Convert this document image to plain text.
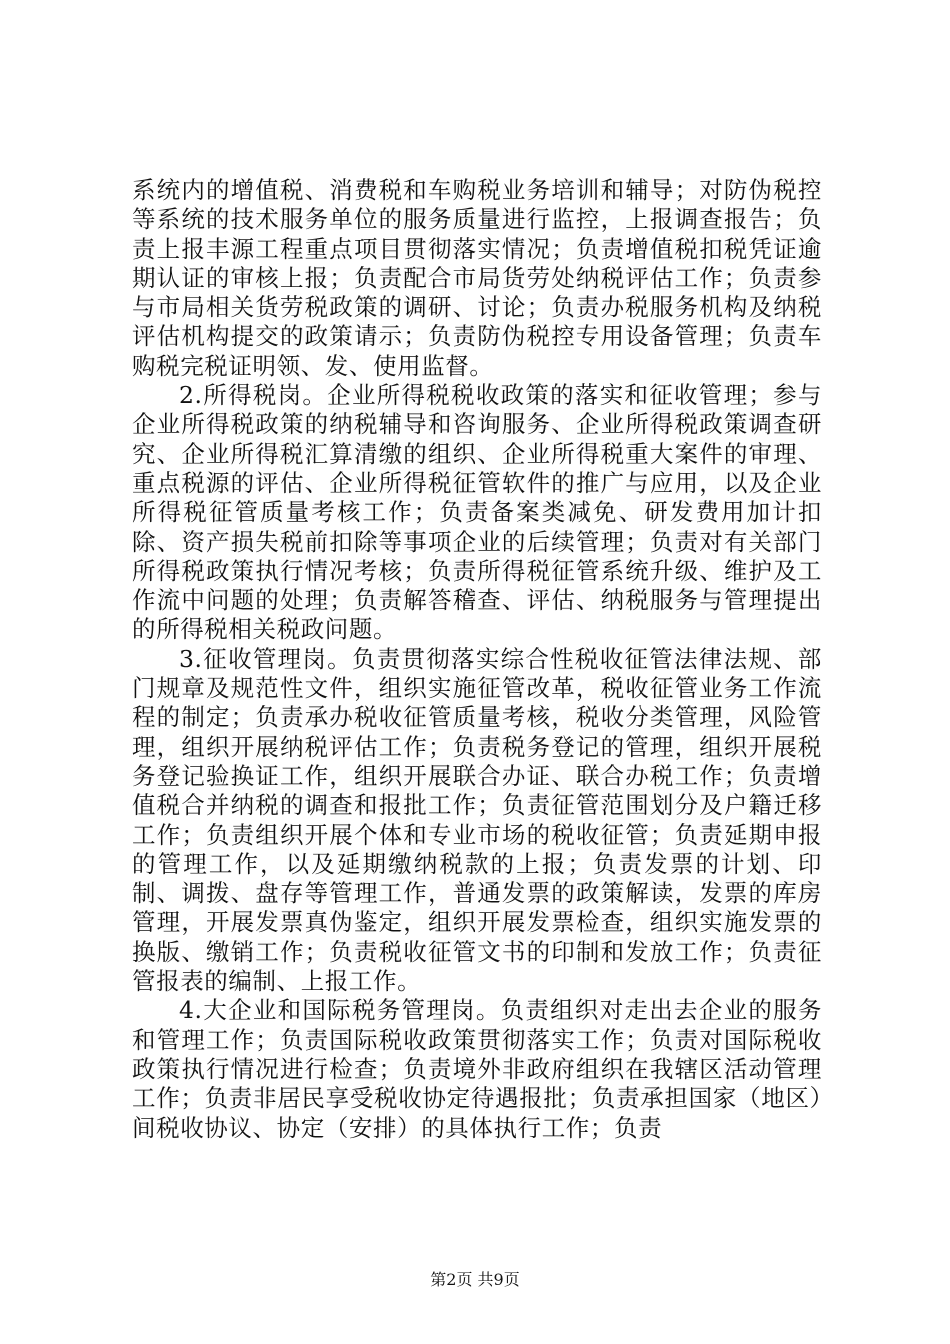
系统内的增值税、消费税和车购税业务培训和辅导；对防伪税控等系统的技术服务单位的服务质量进行监控，上报调查报告；负责上报丰源工程重点项目贯彻落实情况；负责增值税扣税凭证逾期认证的审核上报；负责配合市局货劳处纳税评估工作；负责参与市局相关货劳税政策的调研、讨论；负责办税服务机构及纳税评估机构提交的政策请示；负责防伪税控专用设备管理；负责车购税完税证明领、发、使用监督。

2.所得税岗。企业所得税税收政策的落实和征收管理；参与企业所得税政策的纳税辅导和咨询服务、企业所得税政策调查研究、企业所得税汇算清缴的组织、企业所得税重大案件的审理、重点税源的评估、企业所得税征管软件的推广与应用，以及企业所得税征管质量考核工作；负责备案类减免、研发费用加计扣除、资产损失税前扣除等事项企业的后续管理；负责对有关部门所得税政策执行情况考核；负责所得税征管系统升级、维护及工作流中问题的处理；负责解答稽查、评估、纳税服务与管理提出的所得税相关税政问题。

3.征收管理岗。负责贯彻落实综合性税收征管法律法规、部门规章及规范性文件，组织实施征管改革，税收征管业务工作流程的制定；负责承办税收征管质量考核，税收分类管理，风险管理，组织开展纳税评估工作；负责税务登记的管理，组织开展税务登记验换证工作，组织开展联合办证、联合办税工作；负责增值税合并纳税的调查和报批工作；负责征管范围划分及户籍迁移工作；负责组织开展个体和专业市场的税收征管；负责延期申报的管理工作，以及延期缴纳税款的上报；负责发票的计划、印制、调拨、盘存等管理工作，普通发票的政策解读，发票的库房管理，开展发票真伪鉴定，组织开展发票检查，组织实施发票的换版、缴销工作；负责税收征管文书的印制和发放工作；负责征管报表的编制、上报工作。

4.大企业和国际税务管理岗。负责组织对走出去企业的服务和管理工作；负责国际税收政策贯彻落实工作；负责对国际税收政策执行情况进行检查；负责境外非政府组织在我辖区活动管理工作；负责非居民享受税收协定待遇报批；负责承担国家（地区）间税收协议、协定（安排）的具体执行工作；负责

第2页 共9页
